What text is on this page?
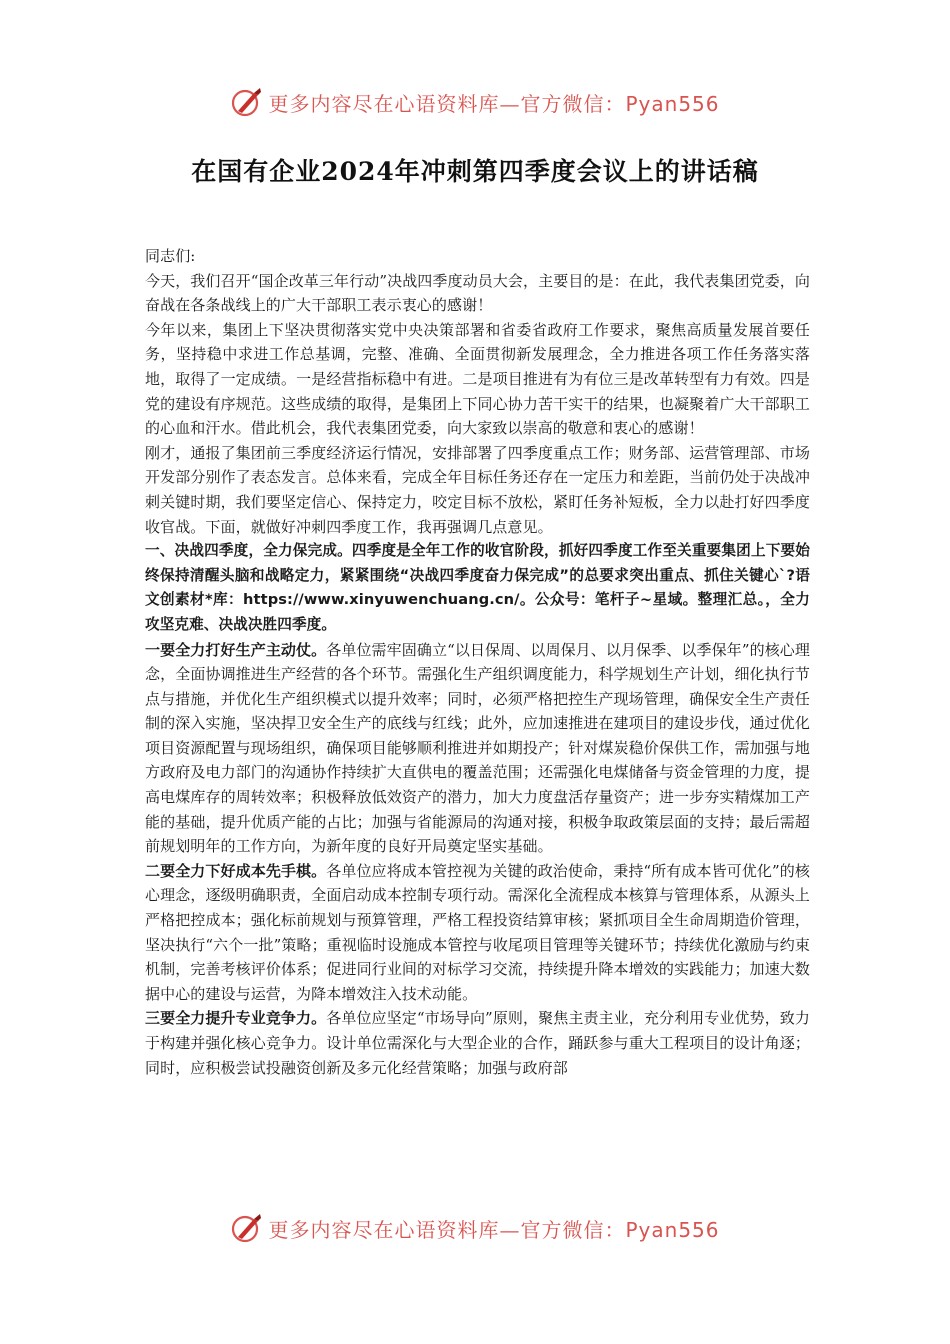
更多内容尽在心语资料库—官方微信：Pyan556
在国有企业2024年冲刺第四季度会议上的讲话稿

同志们:

今天，我们召开“国企改革三年行动”决战四季度动员大会，主要目的是：在此，我代表集团党委，向奋战在各条战线上的广大干部职工表示衷心的感谢！

今年以来，集团上下坚决贯彻落实党中央决策部署和省委省政府工作要求，聚焦高质量发展首要任务，坚持稳中求进工作总基调，完整、准确、全面贯彻新发展理念，全力推进各项工作任务落实落地，取得了一定成绩。一是经营指标稳中有进。二是项目推进有为有位三是改革转型有力有效。四是党的建设有序规范。这些成绩的取得，是集团上下同心协力苦干实干的结果，也凝聚着广大干部职工的心血和汗水。借此机会，我代表集团党委，向大家致以崇高的敬意和衷心的感谢！

刚才，通报了集团前三季度经济运行情况，安排部署了四季度重点工作；财务部、运营管理部、市场开发部分别作了表态发言。总体来看，完成全年目标任务还存在一定压力和差距，当前仍处于决战冲刺关键时期，我们要坚定信心、保持定力，咬定目标不放松，紧盯任务补短板，全力以赴打好四季度收官战。下面，就做好冲刺四季度工作，我再强调几点意见。

一、决战四季度，全力保完成。四季度是全年工作的收官阶段，抓好四季度工作至关重要集团上下要始终保持清醒头脑和战略定力，紧紧围绕“决战四季度奋力保完成”的总要求突出重点、抓住关键心`?语文创素材*库：https://www.xinyuwenchuang.cn/。公众号：笔杆子~星域。整理汇总。，全力攻坚克难、决战决胜四季度。

一要全力打好生产主动仗。各单位需牢固确立“以日保周、以周保月、以月保季、以季保年”的核心理念，全面协调推进生产经营的各个环节。需强化生产组织调度能力，科学规划生产计划，细化执行节点与措施，并优化生产组织模式以提升效率；同时，必须严格把控生产现场管理，确保安全生产责任制的深入实施，坚决捍卫安全生产的底线与红线；此外，应加速推进在建项目的建设步伐，通过优化项目资源配置与现场组织，确保项目能够顺利推进并如期投产；针对煤炭稳价保供工作，需加强与地方政府及电力部门的沟通协作持续扩大直供电的覆盖范围；还需强化电煤储备与资金管理的力度，提高电煤库存的周转效率；积极释放低效资产的潜力，加大力度盘活存量资产；进一步夯实精煤加工产能的基础，提升优质产能的占比；加强与省能源局的沟通对接，积极争取政策层面的支持；最后需超前规划明年的工作方向，为新年度的良好开局奠定坚实基础。

二要全力下好成本先手棋。各单位应将成本管控视为关键的政治使命，秉持“所有成本皆可优化”的核心理念，逐级明确职责，全面启动成本控制专项行动。需深化全流程成本核算与管理体系，从源头上严格把控成本；强化标前规划与预算管理，严格工程投资结算审核；紧抓项目全生命周期造价管理，坚决执行“六个一批”策略；重视临时设施成本管控与收尾项目管理等关键环节；持续优化激励与约束机制，完善考核评价体系；促进同行业间的对标学习交流，持续提升降本增效的实践能力；加速大数据中心的建设与运营，为降本增效注入技术动能。

三要全力提升专业竞争力。各单位应坚定“市场导向”原则，聚焦主责主业，充分利用专业优势，致力于构建并强化核心竞争力。设计单位需深化与大型企业的合作，踊跃参与重大工程项目的设计角逐；同时，应积极尝试投融资创新及多元化经营策略；加强与政府部

更多内容尽在心语资料库—官方微信：Pyan556
